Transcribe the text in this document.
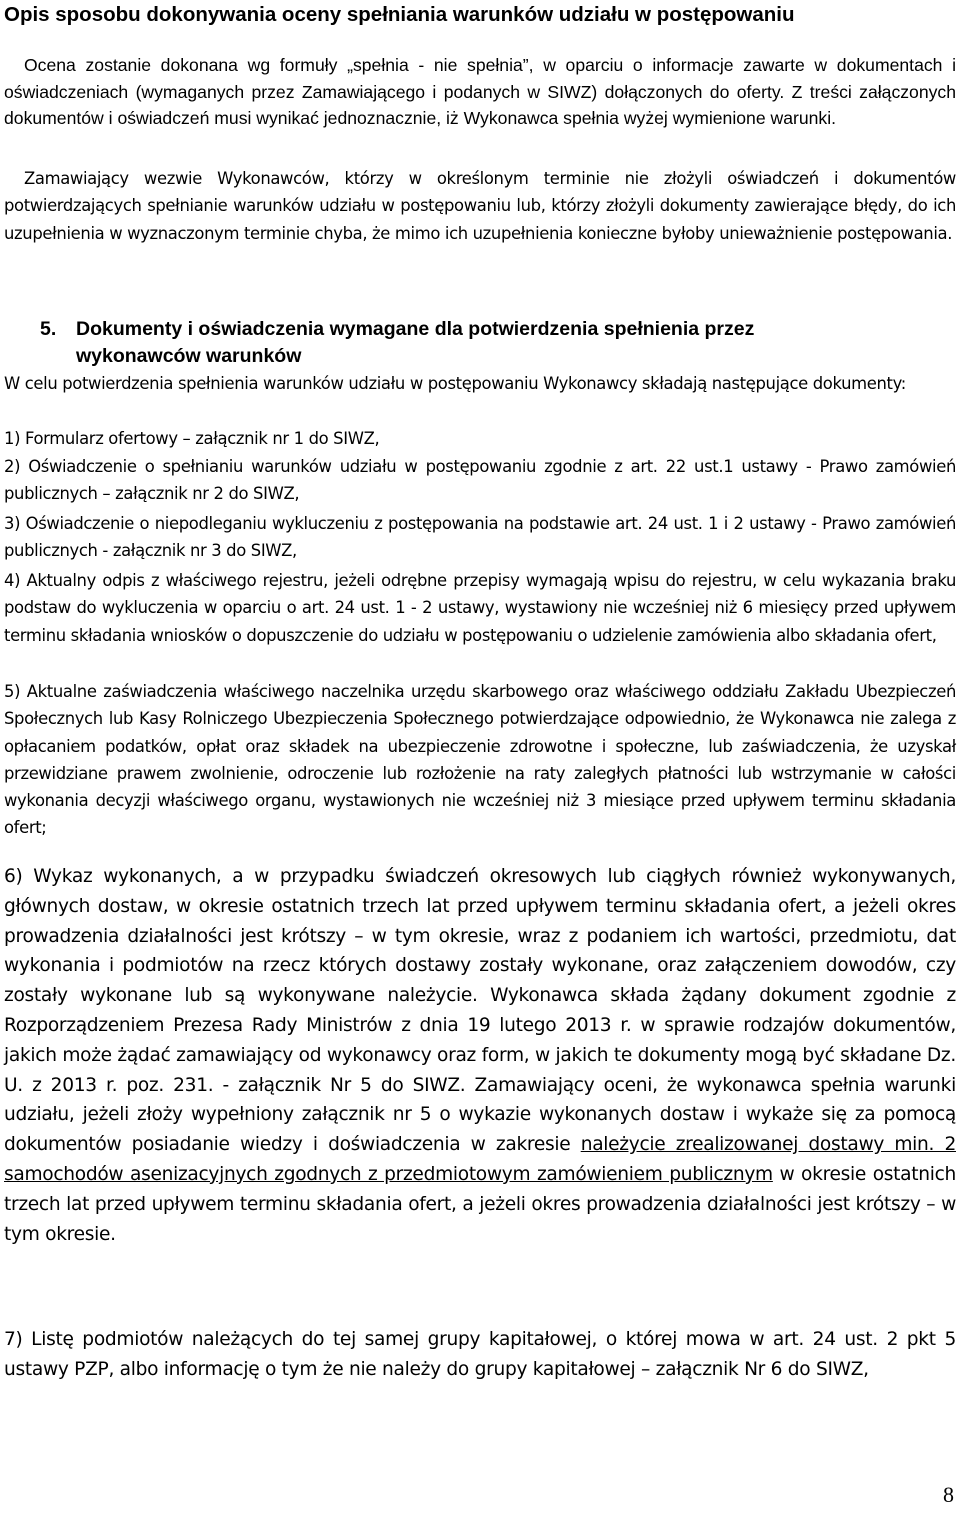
Opis sposobu dokonywania oceny spełniania warunków udziału w postępowaniu
Ocena zostanie dokonana wg formuły „spełnia - nie spełnia”, w oparciu o informacje zawarte w dokumentach i oświadczeniach (wymaganych przez Zamawiającego i podanych w SIWZ) dołączonych do oferty. Z treści załączonych dokumentów i oświadczeń musi wynikać jednoznacznie, iż Wykonawca spełnia wyżej wymienione warunki.
Zamawiający wezwie Wykonawców, którzy w określonym terminie nie złożyli oświadczeń i dokumentów potwierdzających spełnianie warunków udziału w postępowaniu lub, którzy złożyli dokumenty zawierające błędy, do ich uzupełnienia w wyznaczonym terminie chyba, że mimo ich uzupełnienia konieczne byłoby unieważnienie postępowania.
5. Dokumenty i oświadczenia wymagane dla potwierdzenia spełnienia przez
wykonawców warunków
W celu potwierdzenia spełnienia warunków udziału w postępowaniu Wykonawcy składają następujące dokumenty:
1) Formularz ofertowy – załącznik nr 1 do SIWZ,
2) Oświadczenie o spełnianiu warunków udziału w postępowaniu zgodnie z art. 22 ust.1 ustawy - Prawo zamówień publicznych – załącznik nr 2 do SIWZ,
3) Oświadczenie o niepodleganiu wykluczeniu z postępowania na podstawie art. 24 ust. 1 i 2 ustawy - Prawo zamówień publicznych - załącznik nr 3 do SIWZ,
4) Aktualny odpis z właściwego rejestru, jeżeli odrębne przepisy wymagają wpisu do rejestru, w celu wykazania braku podstaw do wykluczenia w oparciu o art. 24 ust. 1 - 2 ustawy, wystawiony nie wcześniej niż 6 miesięcy przed upływem terminu składania wniosków o dopuszczenie do udziału w postępowaniu o udzielenie zamówienia albo składania ofert,
5) Aktualne zaświadczenia właściwego naczelnika urzędu skarbowego oraz właściwego oddziału Zakładu Ubezpieczeń Społecznych lub Kasy Rolniczego Ubezpieczenia Społecznego potwierdzające odpowiednio, że Wykonawca nie zalega z opłacaniem podatków, opłat oraz składek na ubezpieczenie zdrowotne i społeczne, lub zaświadczenia, że uzyskał przewidziane prawem zwolnienie, odroczenie lub rozłożenie na raty zaległych płatności lub wstrzymanie w całości wykonania decyzji właściwego organu, wystawionych nie wcześniej niż 3 miesiące przed upływem terminu składania ofert;
6) Wykaz wykonanych, a w przypadku świadczeń okresowych lub ciągłych również wykonywanych, głównych dostaw, w okresie ostatnich trzech lat przed upływem terminu składania ofert, a jeżeli okres prowadzenia działalności jest krótszy – w tym okresie, wraz z podaniem ich wartości, przedmiotu, dat wykonania i podmiotów na rzecz których dostawy zostały wykonane, oraz załączeniem dowodów, czy zostały wykonane lub są wykonywane należycie. Wykonawca składa żądany dokument zgodnie z Rozporządzeniem Prezesa Rady Ministrów z dnia 19 lutego 2013 r. w sprawie rodzajów dokumentów, jakich może żądać zamawiający od wykonawcy oraz form, w jakich te dokumenty mogą być składane Dz. U. z 2013 r. poz. 231. - załącznik Nr 5 do SIWZ. Zamawiający oceni, że wykonawca spełnia warunki udziału, jeżeli złoży wypełniony załącznik nr 5 o wykazie wykonanych dostaw i wykaże się za pomocą dokumentów posiadanie wiedzy i doświadczenia w zakresie należycie zrealizowanej dostawy min. 2 samochodów asenizacyjnych zgodnych z przedmiotowym zamówieniem publicznym w okresie ostatnich trzech lat przed upływem terminu składania ofert, a jeżeli okres prowadzenia działalności jest krótszy – w tym okresie.
7) Listę podmiotów należących do tej samej grupy kapitałowej, o której mowa w art. 24 ust. 2 pkt 5 ustawy PZP, albo informację o tym że nie należy do grupy kapitałowej – załącznik Nr 6 do SIWZ,
8
